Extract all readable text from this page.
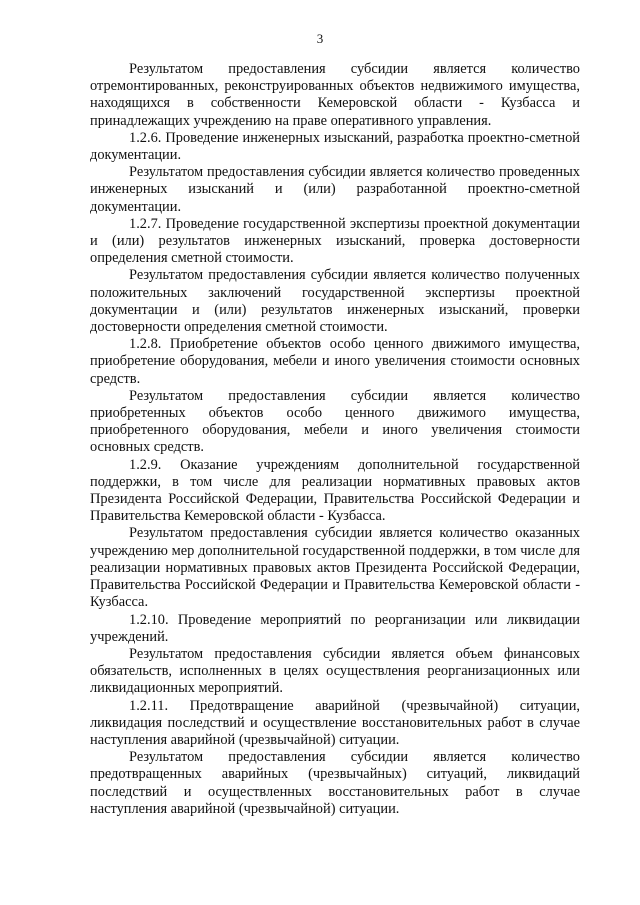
3

Результатом предоставления субсидии является количество отремонтированных, реконструированных объектов недвижимого имущества, находящихся в собственности Кемеровской области - Кузбасса и принадлежащих учреждению на праве оперативного управления.

1.2.6. Проведение инженерных изысканий, разработка проектно-сметной документации.

Результатом предоставления субсидии является количество проведенных инженерных изысканий и (или) разработанной проектно-сметной документации.

1.2.7. Проведение государственной экспертизы проектной документации и (или) результатов инженерных изысканий, проверка достоверности определения сметной стоимости.

Результатом предоставления субсидии является количество полученных положительных заключений государственной экспертизы проектной документации и (или) результатов инженерных изысканий, проверки достоверности определения сметной стоимости.

1.2.8. Приобретение объектов особо ценного движимого имущества, приобретение оборудования, мебели и иного увеличения стоимости основных средств.

Результатом предоставления субсидии является количество приобретенных объектов особо ценного движимого имущества, приобретенного оборудования, мебели и иного увеличения стоимости основных средств.

1.2.9. Оказание учреждениям дополнительной государственной поддержки, в том числе для реализации нормативных правовых актов Президента Российской Федерации, Правительства Российской Федерации и Правительства Кемеровской области - Кузбасса.

Результатом предоставления субсидии является количество оказанных учреждению мер дополнительной государственной поддержки, в том числе для реализации нормативных правовых актов Президента Российской Федерации, Правительства Российской Федерации и Правительства Кемеровской области - Кузбасса.

1.2.10. Проведение мероприятий по реорганизации или ликвидации учреждений.

Результатом предоставления субсидии является объем финансовых обязательств, исполненных в целях осуществления реорганизационных или ликвидационных мероприятий.

1.2.11. Предотвращение аварийной (чрезвычайной) ситуации, ликвидация последствий и осуществление восстановительных работ в случае наступления аварийной (чрезвычайной) ситуации.

Результатом предоставления субсидии является количество предотвращенных аварийных (чрезвычайных) ситуаций, ликвидаций последствий и осуществленных восстановительных работ в случае наступления аварийной (чрезвычайной) ситуации.
